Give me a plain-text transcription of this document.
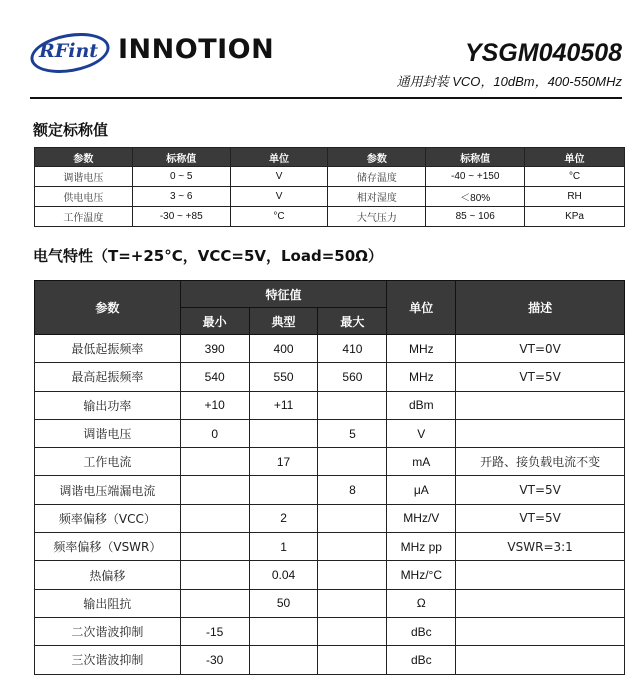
RFint INNOTION	YSGM040508
通用封装 VCO，10dBm，400-550MHz
额定标称值
参数	标称值	单位	参数	标称值	单位
调谐电压	0 ~ 5	V	储存温度	-40 ~ +150	°C
供电电压	3 ~ 6	V	相对湿度	＜80%	RH
工作温度	-30 ~ +85	°C	大气压力	85 ~ 106	KPa
电气特性（T=+25°C，VCC=5V，Load=50Ω）
参数	特征值			单位	描述
	最小	典型	最大		
最低起振频率	390	400	410	MHz	VT=0V
最高起振频率	540	550	560	MHz	VT=5V
输出功率	+10	+11		dBm	
调谐电压	0		5	V	
工作电流		17		mA	开路、接负载电流不变
调谐电压端漏电流			8	μA	VT=5V
频率偏移（VCC）		2		MHz/V	VT=5V
频率偏移（VSWR）		1		MHz pp	VSWR=3:1
热偏移		0.04		MHz/°C	
输出阻抗		50		Ω	
二次谐波抑制	-15			dBc	
三次谐波抑制	-30			dBc	
